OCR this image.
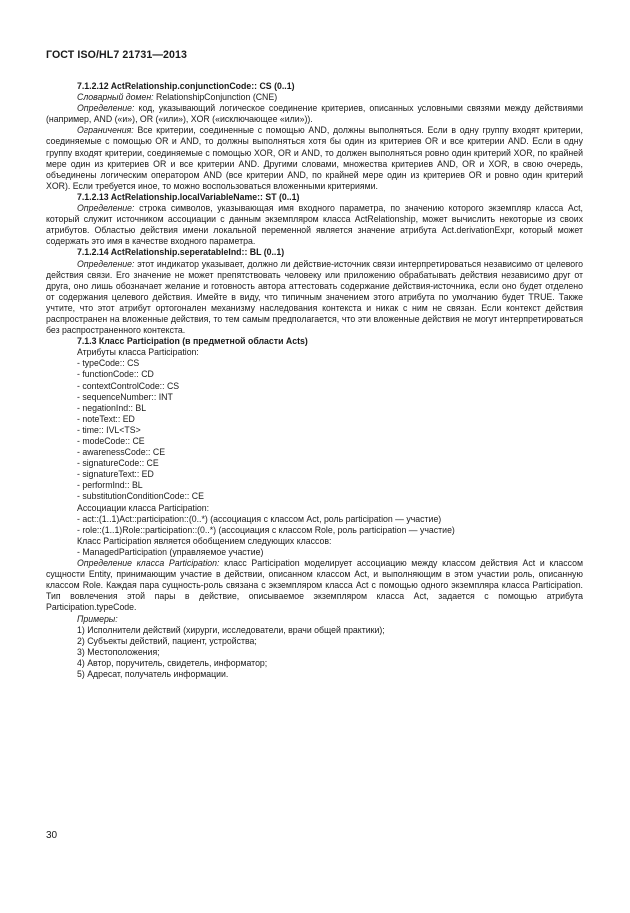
ГОСТ ISO/HL7 21731—2013

7.1.2.12 ActRelationship.conjunctionCode:: CS (0..1)

Словарный домен: RelationshipConjunction (CNE)

Определение: код, указывающий логическое соединение критериев, описанных условными связями между действиями (например, AND («и»), OR («или»), XOR («исключающее «или»)).

Ограничения: Все критерии, соединенные с помощью AND, должны выполняться. Если в одну группу входят критерии, соединяемые с помощью OR и AND, то должны выполняться хотя бы один из критериев OR и все критерии AND. Если в одну группу входят критерии, соединяемые с помощью XOR, OR и AND, то должен выполняться ровно один критерий XOR, по крайней мере один из критериев OR и все критерии AND. Другими словами, множества критериев AND, OR и XOR, в свою очередь, объединены логическим оператором AND (все критерии AND, по крайней мере один из критериев OR и ровно один критерий XOR). Если требуется иное, то можно воспользоваться вложенными критериями.

7.1.2.13 ActRelationship.localVariableName:: ST (0..1)

Определение: строка символов, указывающая имя входного параметра, по значению которого экземпляр класса Act, который служит источником ассоциации с данным экземпляром класса ActRelationship, может вычислить некоторые из своих атрибутов. Областью действия имени локальной переменной является значение атрибута Act.derivationExpr, который может содержать это имя в качестве входного параметра.

7.1.2.14 ActRelationship.seperatableInd:: BL (0..1)

Определение: этот индикатор указывает, должно ли действие-источник связи интерпретироваться независимо от целевого действия связи. Его значение не может препятствовать человеку или приложению обрабатывать действия независимо друг от друга, оно лишь обозначает желание и готовность автора аттестовать содержание действия-источника, если оно будет отделено от содержания целевого действия. Имейте в виду, что типичным значением этого атрибута по умолчанию будет TRUE. Также учтите, что этот атрибут ортогонален механизму наследования контекста и никак с ним не связан. Если контекст действия распространен на вложенные действия, то тем самым предполагается, что эти вложенные действия не могут интерпретироваться без распространенного контекста.

7.1.3 Класс Participation (в предметной области Acts)

Атрибуты класса Participation:

- typeCode:: CS

- functionCode:: CD

- contextControlCode:: CS

- sequenceNumber:: INT

- negationInd:: BL

- noteText:: ED

- time:: IVL<TS>

- modeCode:: CE

- awarenessCode:: CE

- signatureCode:: CE

- signatureText:: ED

- performInd:: BL

- substitutionConditionCode:: CE

Ассоциации класса Participation:

- act::(1..1)Act::participation::(0..*) (ассоциация с классом Act, роль participation — участие)

- role::(1..1)Role::participation::(0..*) (ассоциация с классом Role, роль participation — участие)

Класс Participation является обобщением следующих классов:

- ManagedParticipation (управляемое участие)

Определение класса Participation: класс Participation моделирует ассоциацию между классом действия Act и классом сущности Entity, принимающим участие в действии, описанном классом Act, и выполняющим в этом участии роль, описанную классом Role. Каждая пара сущность-роль связана с экземпляром класса Act с помощью одного экземпляра класса Participation. Тип вовлечения этой пары в действие, описываемое экземпляром класса Act, задается с помощью атрибута Participation.typeCode.

Примеры:

1) Исполнители действий (хирурги, исследователи, врачи общей практики);

2) Субъекты действий, пациент, устройства;

3) Местоположения;

4) Автор, поручитель, свидетель, информатор;

5) Адресат, получатель информации.

30
